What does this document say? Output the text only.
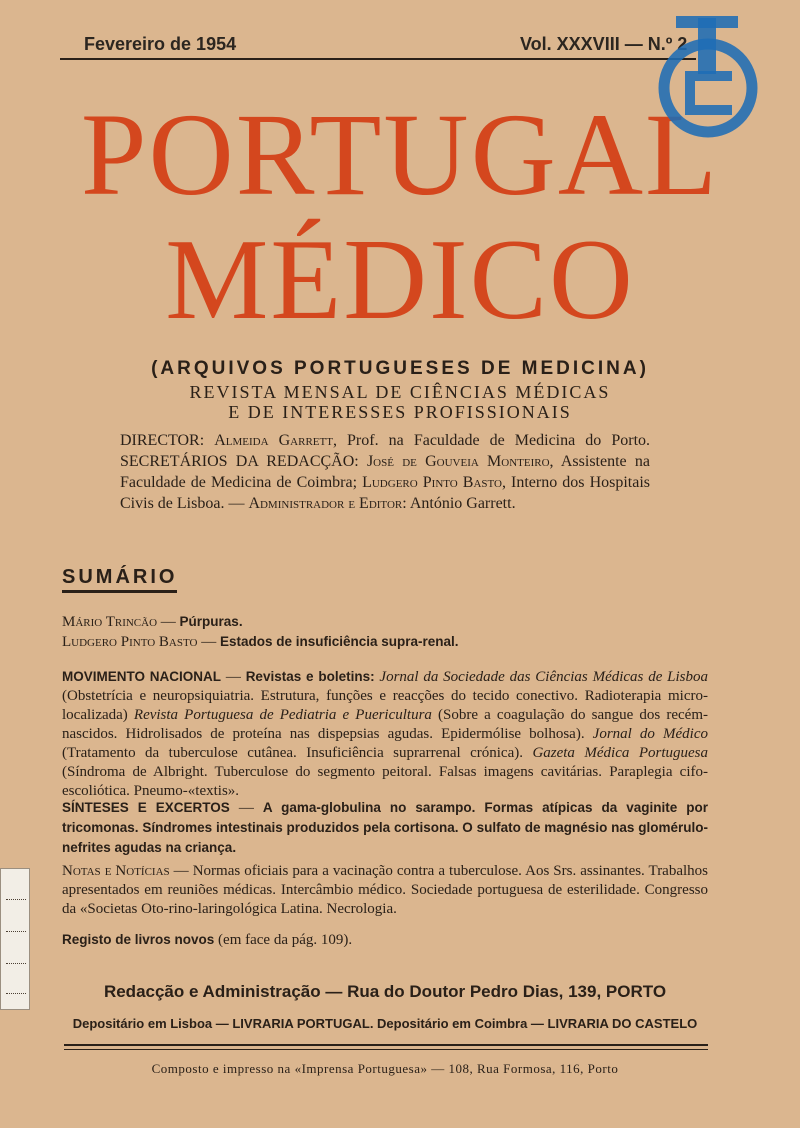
Fevereiro de 1954	Vol. XXXVIII — N.º 2
PORTUGAL
MÉDICO
(ARQUIVOS PORTUGUESES DE MEDICINA)
REVISTA MENSAL DE CIÊNCIAS MÉDICAS
E DE INTERESSES PROFISSIONAIS
DIRECTOR: Almeida Garrett, Prof. na Faculdade de Medicina do Porto. SECRETÁRIOS DA REDACÇÃO: José de Gouveia Monteiro, Assistente na Faculdade de Medicina de Coimbra; Ludgero Pinto Basto, Interno dos Hospitais Civis de Lisboa. — Administrador e Editor: António Garrett.
SUMÁRIO
Mário Trincão — Púrpuras.
Ludgero Pinto Basto — Estados de insuficiência supra-renal.
MOVIMENTO NACIONAL — Revistas e boletins: Jornal da Sociedade das Ciências Médicas de Lisboa (Obstetrícia e neuropsiquiatria. Estrutura, funções e reacções do tecido conectivo. Radioterapia micro-localizada) Revista Portuguesa de Pediatria e Puericultura (Sobre a coagulação do sangue dos recém-nascidos. Hidrolisados de proteína nas dispepsias agudas. Epidermólise bolhosa). Jornal do Médico (Tratamento da tuberculose cutânea. Insuficiência suprarrenal crónica). Gazeta Médica Portuguesa (Síndroma de Albright. Tuberculose do segmento peitoral. Falsas imagens cavitárias. Paraplegia cifo-escoliótica. Pneumo-«textis».
SÍNTESES E EXCERTOS — A gama-globulina no sarampo. Formas atípicas da vaginite por tricomonas. Síndromes intestinais produzidos pela cortisona. O sulfato de magnésio nas glomérulo-nefrites agudas na criança.
Notas e Notícias — Normas oficiais para a vacinação contra a tuberculose. Aos Srs. assinantes. Trabalhos apresentados em reuniões médicas. Intercâmbio médico. Sociedade portuguesa de esterilidade. Congresso da «Societas Oto-rino-laringológica Latina. Necrologia.
Registo de livros novos (em face da pág. 109).
Redacção e Administração — Rua do Doutor Pedro Dias, 139, PORTO
Depositário em Lisboa — LIVRARIA PORTUGAL. Depositário em Coimbra — LIVRARIA DO CASTELO
Composto e impresso na «Imprensa Portuguesa» — 108, Rua Formosa, 116, Porto
